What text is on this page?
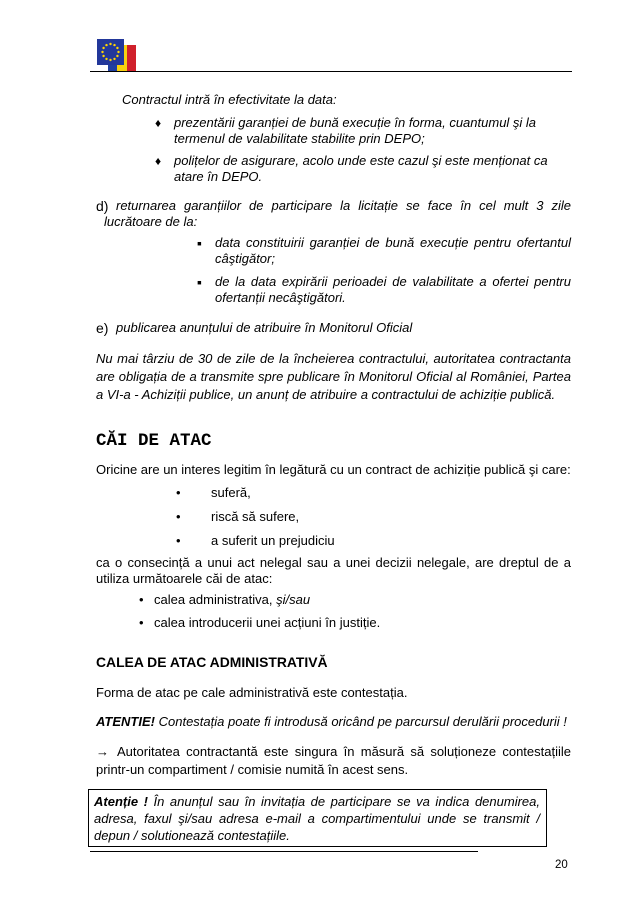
Contractul intră în efectivitate la data:
♦ prezentării garanției de bună execuție în forma, cuantumul şi la
termenul de valabilitate stabilite prin DEPO;
♦ polițelor de asigurare, acolo unde este cazul şi este menționat ca
atare în DEPO.
d) returnarea garanțiilor de participare la licitație se face în cel mult 3 zile
lucrătoare de la:
▪ data constituirii garanției de bună execuție pentru ofertantul
câştigător;
▪ de la data expirării perioadei de valabilitate a ofertei pentru
ofertanții necâştigători.
e) publicarea anunțului de atribuire în Monitorul Oficial
Nu mai târziu de 30 de zile de la încheierea contractului, autoritatea contractanta
are obligația de a transmite spre publicare în Monitorul Oficial al României, Partea
a VI-a - Achiziții publice, un anunț de atribuire a contractului de achiziție publică.
CĂI DE ATAC
Oricine are un interes legitim în legătură cu un contract de achiziție publică şi care:
• suferă,
• riscă să sufere,
• a suferit un prejudiciu
ca o consecință a unui act nelegal sau a unei decizii nelegale, are dreptul de a
utiliza următoarele căi de atac:
• calea administrativa, şi/sau
• calea introducerii unei acțiuni în justiție.
CALEA DE ATAC ADMINISTRATIVĂ
Forma de atac pe cale administrativă este contestația.
ATENTIE! Contestația poate fi introdusă oricând pe parcursul derulării procedurii !
→ Autoritatea contractantă este singura în măsură să soluționeze contestațiile
printr-un compartiment / comisie numită în acest sens.
Atenție ! În anunțul sau în invitația de participare se va indica denumirea,
adresa, faxul şi/sau adresa e-mail a compartimentului unde se transmit /
depun / solutionează contestațiile.
20
